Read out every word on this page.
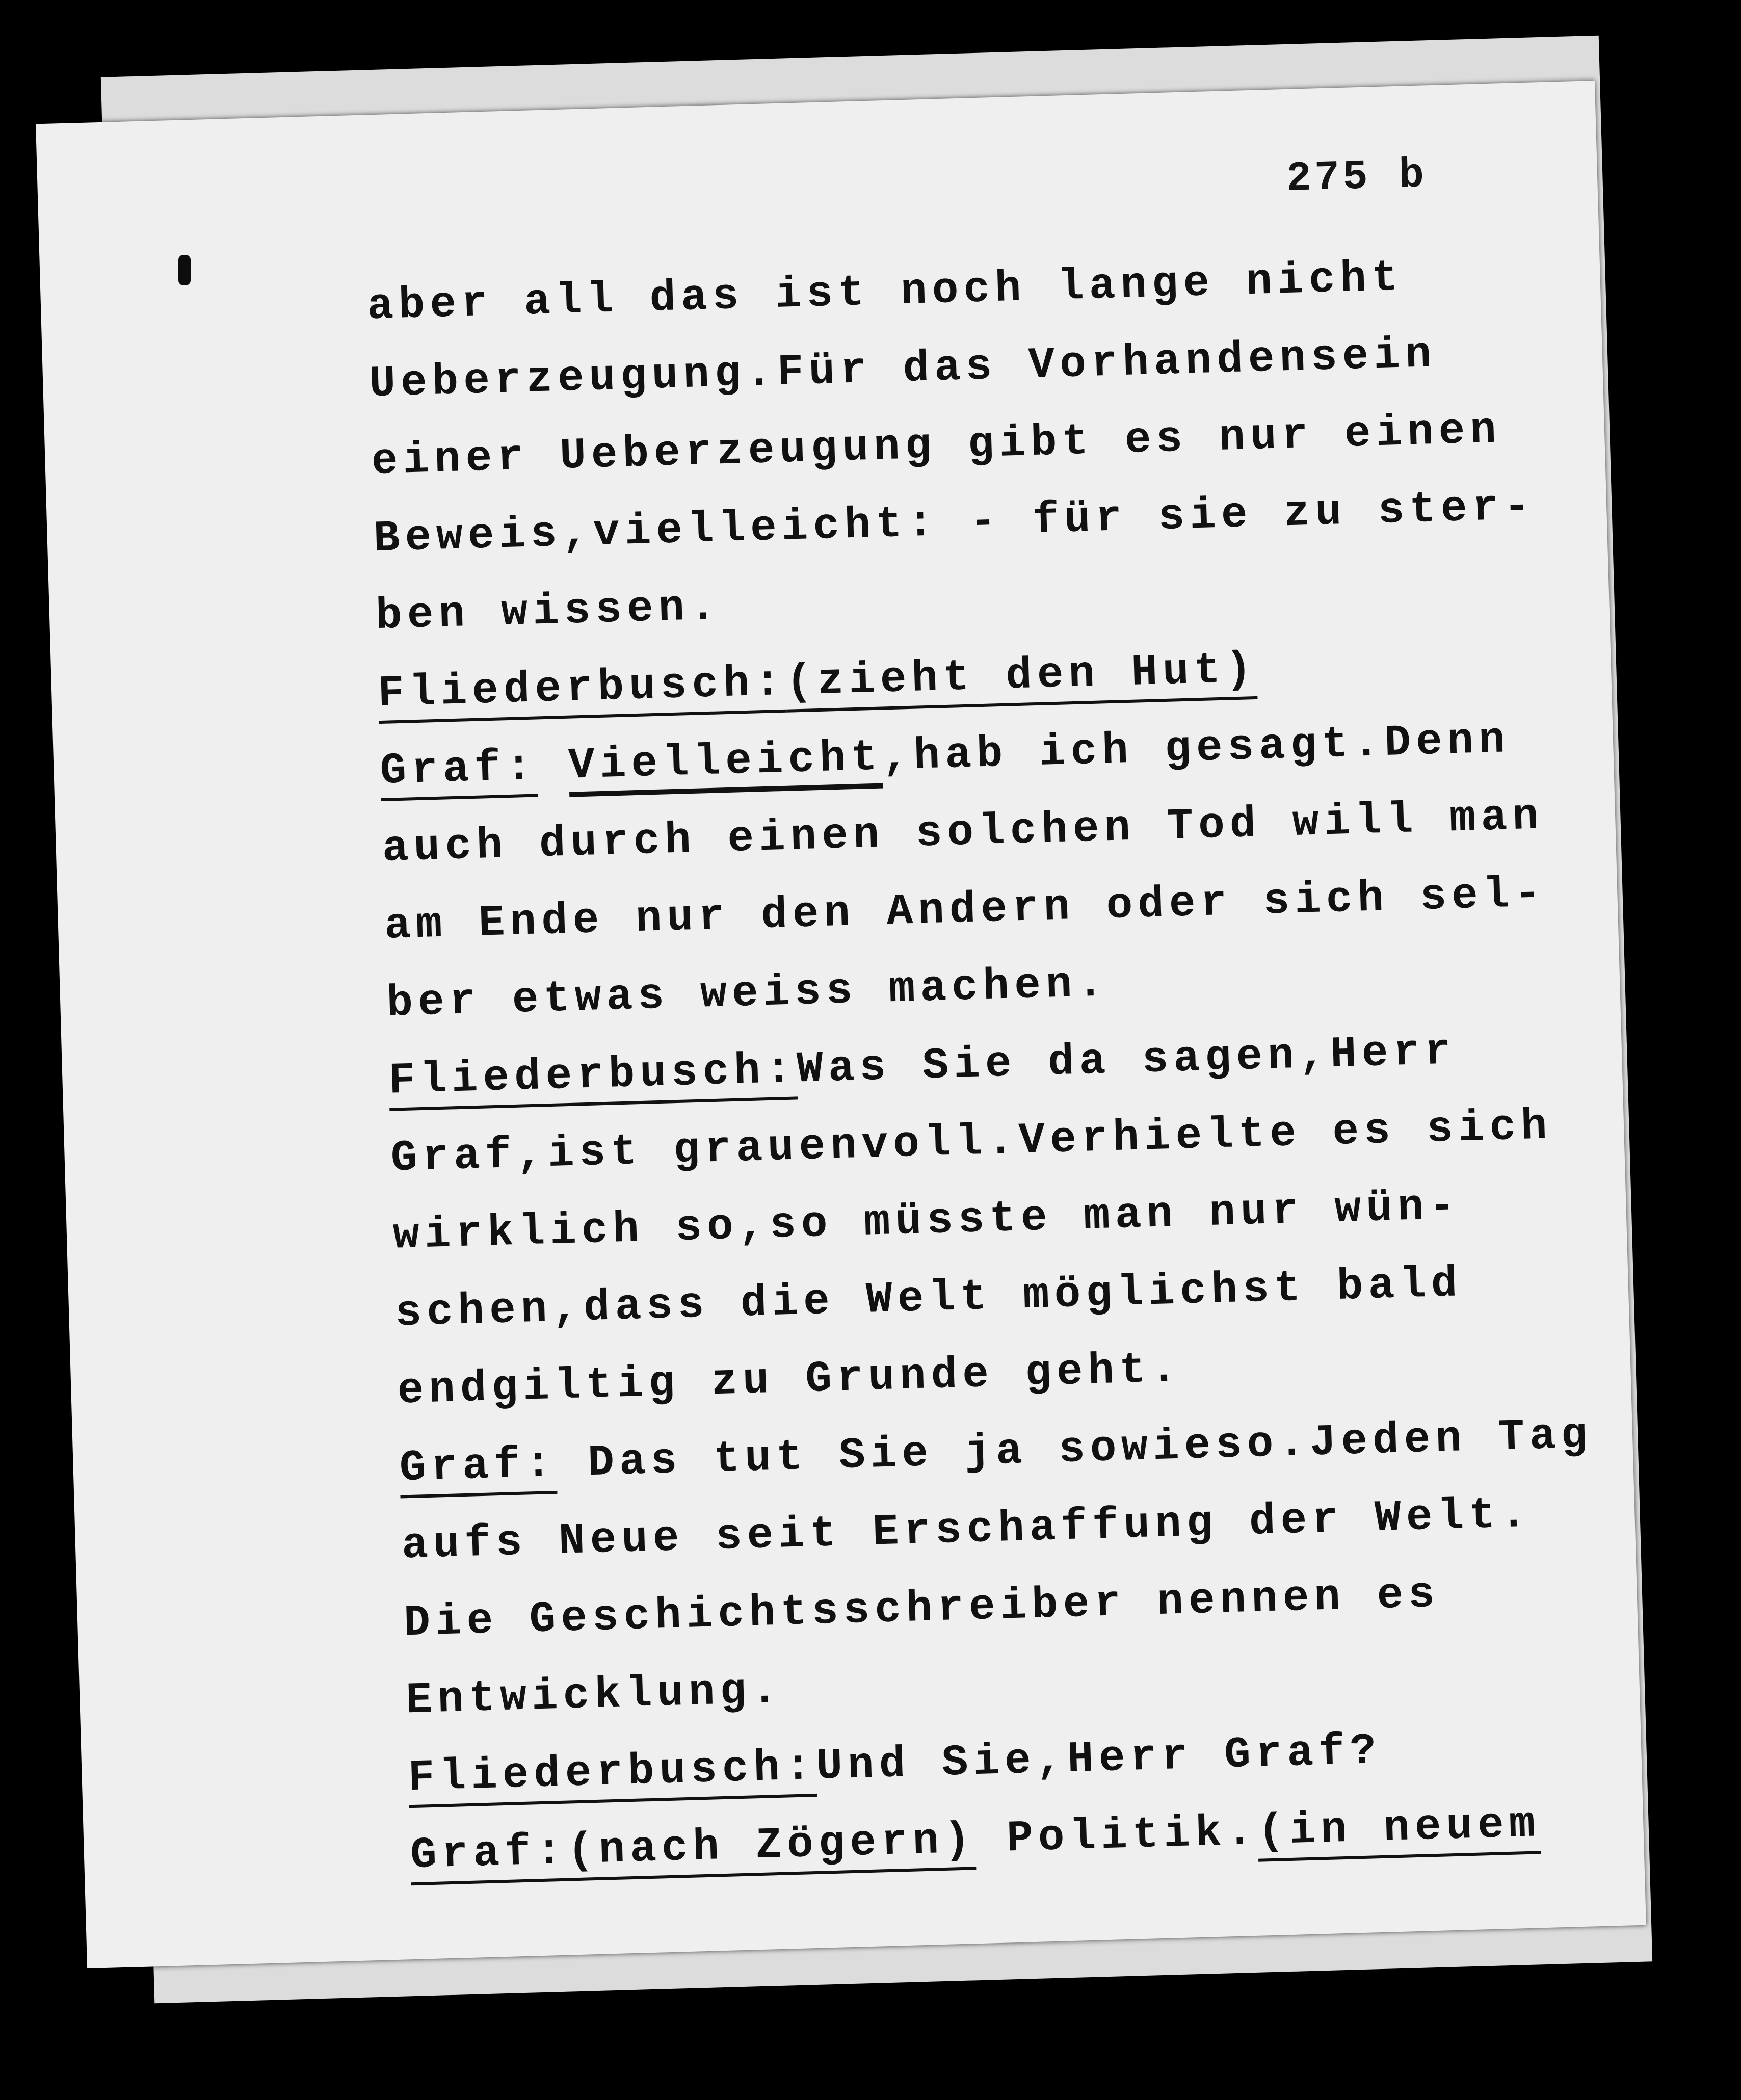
275 b
aber all das ist noch lange nicht
Ueberzeugung.Für das Vorhandensein
einer Ueberzeugung gibt es nur einen
Beweis,vielleicht: - für sie zu ster-
ben wissen.
Fliederbusch:(zieht den Hut)
Graf: Vielleicht,hab ich gesagt.Denn
auch durch einen solchen Tod will man
am Ende nur den Andern oder sich sel-
ber etwas weiss machen.
Fliederbusch:Was Sie da sagen,Herr
Graf,ist grauenvoll.Verhielte es sich
wirklich so,so müsste man nur wün-
schen,dass die Welt möglichst bald
endgiltig zu Grunde geht.
Graf: Das tut Sie ja sowieso.Jeden Tag
aufs Neue seit Erschaffung der Welt.
Die Geschichtsschreiber nennen es
Entwicklung.
Fliederbusch:Und Sie,Herr Graf?
Graf:(nach Zögern) Politik.(in neuem
